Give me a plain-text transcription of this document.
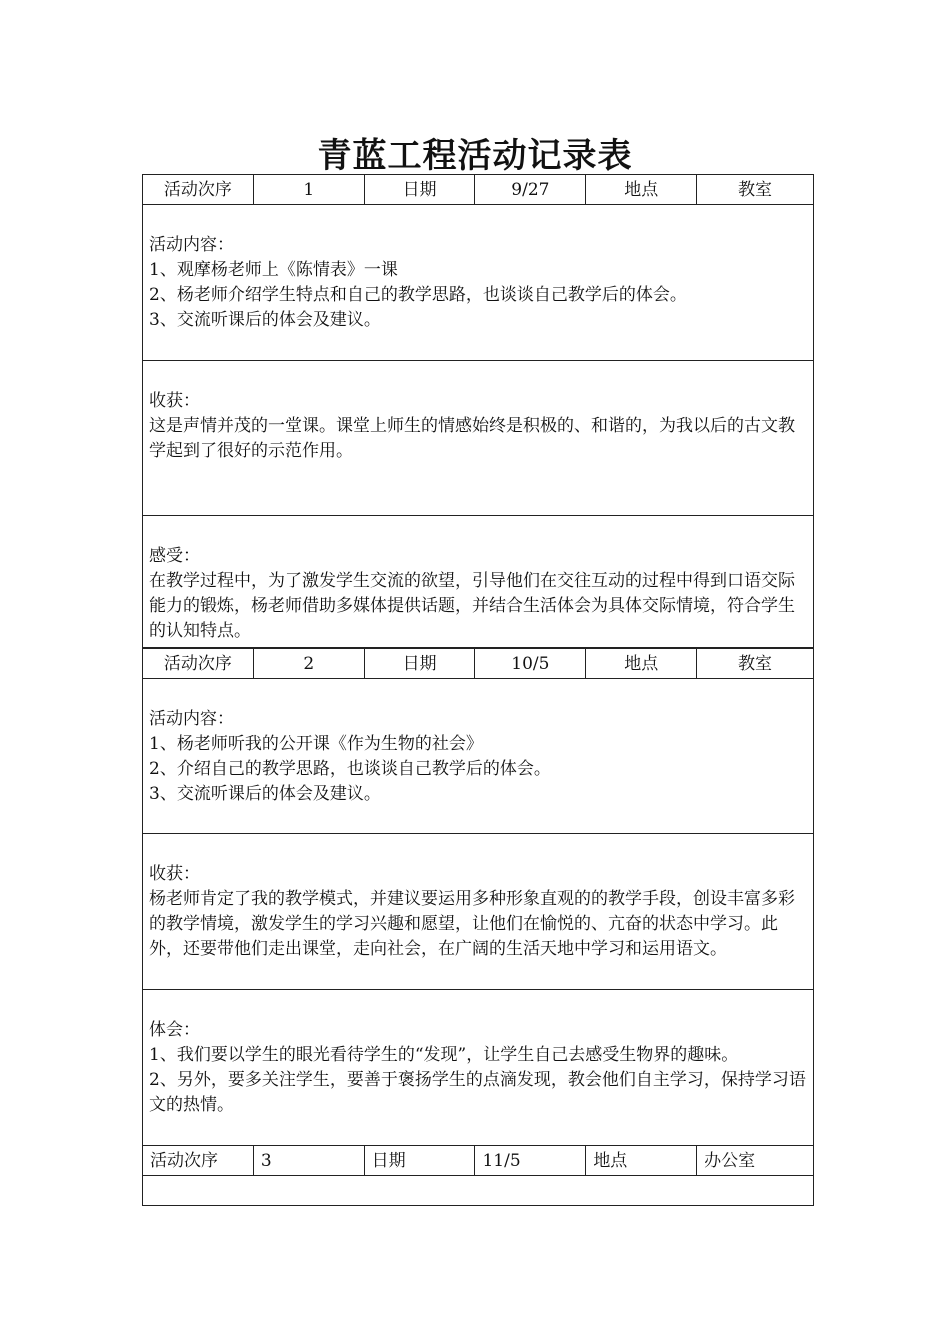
青蓝工程活动记录表
活动次序	1	日期	9/27	地点	教室

活动内容：

1、观摩杨老师上《陈情表》一课

2、杨老师介绍学生特点和自己的教学思路，也谈谈自己教学后的体会。

3、交流听课后的体会及建议。

收获：

这是声情并茂的一堂课。课堂上师生的情感始终是积极的、和谐的，为我以后的古文教学起到了很好的示范作用。

感受：

在教学过程中，为了激发学生交流的欲望，引导他们在交往互动的过程中得到口语交际能力的锻炼，杨老师借助多媒体提供话题，并结合生活体会为具体交际情境，符合学生的认知特点。

活动次序	2	日期	10/5	地点	教室

活动内容：

1、杨老师听我的公开课《作为生物的社会》

2、介绍自己的教学思路，也谈谈自己教学后的体会。

3、交流听课后的体会及建议。

收获：

杨老师肯定了我的教学模式，并建议要运用多种形象直观的的教学手段，创设丰富多彩的教学情境，激发学生的学习兴趣和愿望，让他们在愉悦的、亢奋的状态中学习。此外，还要带他们走出课堂，走向社会，在广阔的生活天地中学习和运用语文。

体会：

1、我们要以学生的眼光看待学生的“发现”，让学生自己去感受生物界的趣味。

2、另外，要多关注学生，要善于褒扬学生的点滴发现，教会他们自主学习，保持学习语文的热情。

活动次序	3	日期	11/5	地点	办公室
